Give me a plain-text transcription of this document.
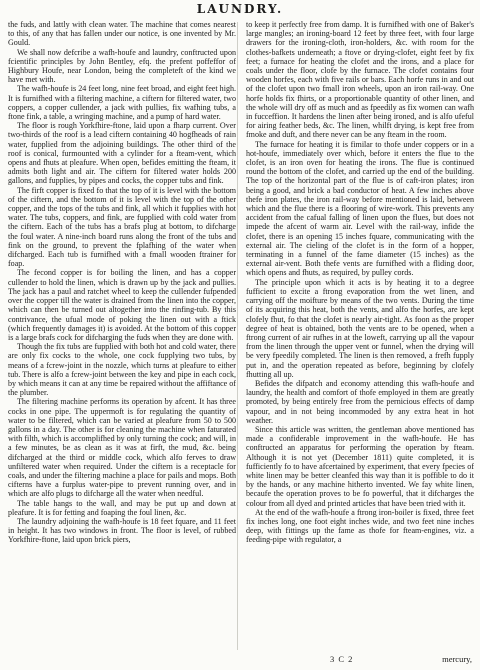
LAUNDRY.

the fuds, and lattly with clean water. The machine that comes nearest to this, of any that has fallen under our notice, is one invented by Mr. Gould.

We shall now defcribe a wafh-houfe and laundry, conftructed upon fcientific principles by John Bentley, efq. the prefent poffeffor of Highbury Houfe, near London, being the completeft of the kind we have met with.

The wafh-houfe is 24 feet long, nine feet broad, and eight feet high. It is furnifhed with a filtering machine, a ciftern for filtered water, two coppers, a copper cullender, a jack with pullies, fix wafhing tubs, a ftone fink, a table, a wringing machine, and a pump of hard water.

The floor is rough Yorkfhire-ftone, laid upon a fharp current. Over two-thirds of the roof is a lead ciftern containing 40 hogfheads of rain water, fupplied from the adjoining buildings. The other third of the roof is conical, furmounted with a cylinder for a fteam-vent, which opens and fhuts at pleafure. When open, befides emitting the fteam, it admits both light and air. The ciftern for filtered water holds 200 gallons, and fupplies, by pipes and cocks, the copper tubs and fink.

The firft copper is fixed fo that the top of it is level with the bottom of the ciftern, and the bottom of it is level with the top of the other copper, and the tops of the tubs and fink, all which it fupplies with hot water. The tubs, coppers, and fink, are fupplied with cold water from the ciftern. Each of the tubs has a brafs plug at bottom, to difcharge the foul water. A nine-inch board runs along the front of the tubs and fink on the ground, to prevent the fplafhing of the water when difcharged. Each tub is furnifhed with a fmall wooden ftrainer for foap.

The fecond copper is for boiling the linen, and has a copper cullender to hold the linen, which is drawn up by the jack and pullies. The jack has a paul and ratchet wheel to keep the cullender fufpended over the copper till the water is drained from the linen into the copper, which can then be turned out altogether into the rinfing-tub. By this contrivance, the ufual mode of poking the linen out with a ftick (which frequently damages it) is avoided. At the bottom of this copper is a large brafs cock for difcharging the fuds when they are done with.

Though the fix tubs are fupplied with both hot and cold water, there are only fix cocks to the whole, one cock fupplying two tubs, by means of a fcrew-joint in the nozzle, which turns at pleafure to either tub. There is alfo a fcrew-joint between the key and pipe in each cock, by which means it can at any time be repaired without the affiftance of the plumber.

The filtering machine performs its operation by afcent. It has three cocks in one pipe. The uppermoft is for regulating the quantity of water to be filtered, which can be varied at pleafure from 50 to 500 gallons in a day. The other is for cleaning the machine when faturated with filth, which is accomplifhed by only turning the cock; and will, in a few minutes, be as clean as it was at firft, the mud, &c. being difcharged at the third or middle cock, which alfo ferves to draw unfiltered water when required. Under the ciftern is a receptacle for coals, and under the filtering machine a place for pails and mops. Both cifterns have a furplus water-pipe to prevent running over, and in which are alfo plugs to difcharge all the water when needful.

The table hangs to the wall, and may be put up and down at pleafure. It is for fetting and foaping the foul linen, &c.

The laundry adjoining the wafh-houfe is 18 feet fquare, and 11 feet in height. It has two windows in front. The floor is level, of rubbed Yorkfhire-ftone, laid upon brick piers,

to keep it perfectly free from damp. It is furnifhed with one of Baker's large mangles; an ironing-board 12 feet by three feet, with four large drawers for the ironing-cloth, iron-holders, &c. with room for the clothes-bafkets underneath; a ftove or drying-clofet, eight feet by fix feet; a furnace for heating the clofet and the irons, and a place for coals under the floor, clofe by the furnace. The clofet contains four wooden horfes, each with five rails or bars. Each horfe runs in and out of the clofet upon two fmall iron wheels, upon an iron rail-way. One horfe holds fix fhirts, or a proportionable quantity of other linen, and the whole will dry off as much and as fpeedily as fix women can wafh in fucceffion. It hardens the linen after being ironed, and is alfo ufeful for airing feather beds, &c. The linen, whilft drying, is kept free from fmoke and duft, and there never can be any fteam in the room.

The furnace for heating it is fimilar to thofe under coppers or in a hot-houfe, immediately over which, before it enters the flue to the clofet, is an iron oven for heating the irons. The flue is continued round the bottom of the clofet, and carried up the end of the building. The top of the horizontal part of the flue is of caft-iron plates; iron being a good, and brick a bad conductor of heat. A few inches above thefe iron plates, the iron rail-way before mentioned is laid, between which and the flue there is a flooring of wire-work. This prevents any accident from the cafual falling of linen upon the flues, but does not impede the afcent of warm air. Level with the rail-way, infide the clofet, there is an opening 15 inches fquare, communicating with the external air. The cieling of the clofet is in the form of a hopper, terminating in a funnel of the fame diameter (15 inches) as the external air-vent. Both thefe vents are furnifhed with a fliding door, which opens and fhuts, as required, by pulley cords.

The principle upon which it acts is by heating it to a degree fufficient to excite a ftrong evaporation from the wet linen, and carrying off the moifture by means of the two vents. During the time of its acquiring this heat, both the vents, and alfo the horfes, are kept clofely fhut, fo that the clofet is nearly air-tight. As foon as the proper degree of heat is obtained, both the vents are to be opened, when a ftrong current of air rufhes in at the loweft, carrying up all the vapour from the linen through the upper vent or funnel, when the drying will be very fpeedily completed. The linen is then removed, a frefh fupply put in, and the operation repeated as before, beginning by clofely fhutting all up.

Befides the difpatch and economy attending this wafh-houfe and laundry, the health and comfort of thofe employed in them are greatly promoted, by being entirely free from the pernicious effects of damp vapour, and in not being incommoded by any extra heat in hot weather.

Since this article was written, the gentleman above mentioned has made a confiderable improvement in the wafh-houfe. He has conftructed an apparatus for performing the operation by fteam. Although it is not yet (December 1811) quite completed, it is fufficiently fo to have afcertained by experiment, that every fpecies of white linen may be better cleanfed this way than it is poffible to do it by the hands, or any machine hitherto invented. We fay white linen, becaufe the operation proves to be fo powerful, that it difcharges the colour from all dyed and printed articles that have been tried with it.

At the end of the wafh-houfe a ftrong iron-boiler is fixed, three feet fix inches long, one foot eight inches wide, and two feet nine inches deep, with fittings up the fame as thofe for fteam-engines, viz. a feeding-pipe with regulator, a

3 C 2	mercury,
